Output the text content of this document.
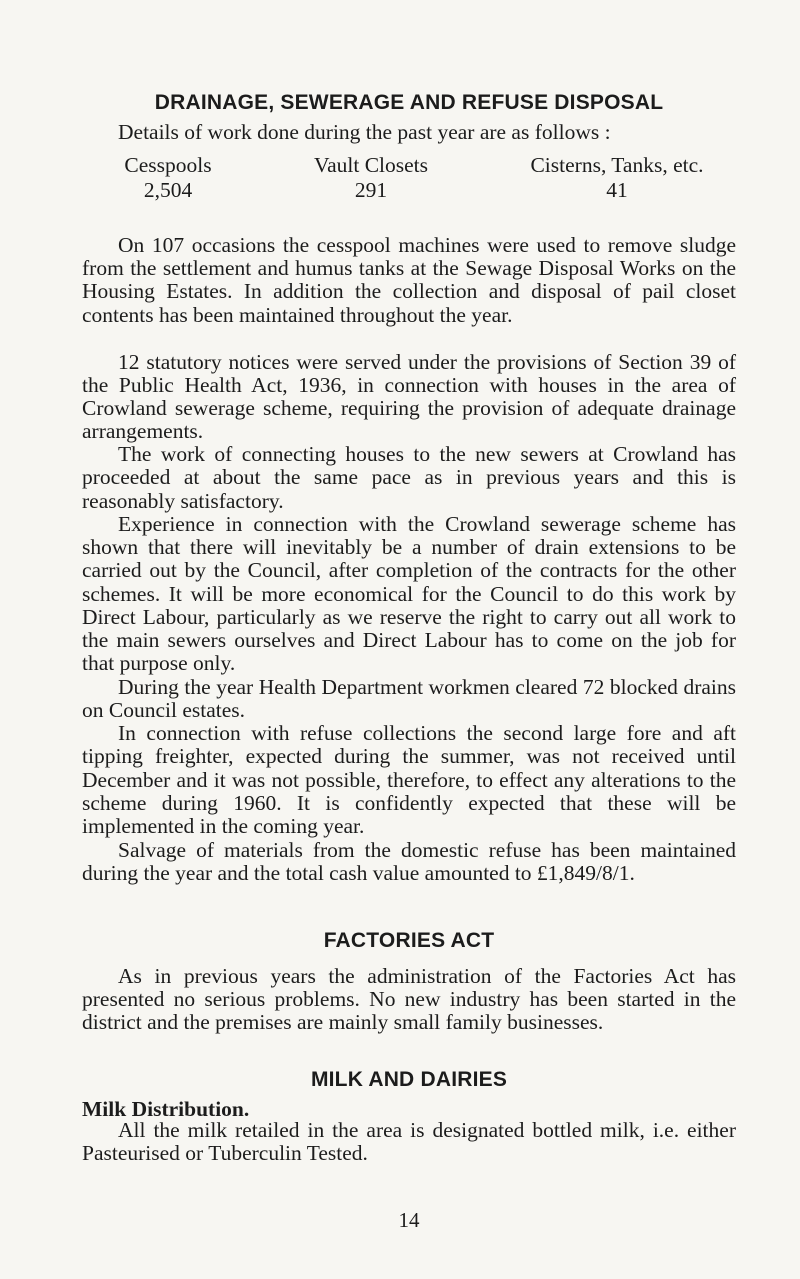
DRAINAGE, SEWERAGE AND REFUSE DISPOSAL

Details of work done during the past year are as follows :

Cesspools
2,504
Vault Closets
291
Cisterns, Tanks, etc.
41

On 107 occasions the cesspool machines were used to remove sludge from the settlement and humus tanks at the Sewage Disposal Works on the Housing Estates. In addition the collection and disposal of pail closet contents has been maintained throughout the year.

12 statutory notices were served under the provisions of Section 39 of the Public Health Act, 1936, in connection with houses in the area of Crowland sewerage scheme, requiring the provision of adequate drainage arrangements.

The work of connecting houses to the new sewers at Crowland has proceeded at about the same pace as in previous years and this is reasonably satisfactory.

Experience in connection with the Crowland sewerage scheme has shown that there will inevitably be a number of drain extensions to be carried out by the Council, after completion of the contracts for the other schemes. It will be more economical for the Council to do this work by Direct Labour, particularly as we reserve the right to carry out all work to the main sewers ourselves and Direct Labour has to come on the job for that purpose only.

During the year Health Department workmen cleared 72 blocked drains on Council estates.

In connection with refuse collections the second large fore and aft tipping freighter, expected during the summer, was not received until December and it was not possible, therefore, to effect any alterations to the scheme during 1960. It is confidently expected that these will be implemented in the coming year.

Salvage of materials from the domestic refuse has been maintained during the year and the total cash value amounted to £1,849/8/1.

FACTORIES ACT

As in previous years the administration of the Factories Act has presented no serious problems. No new industry has been started in the district and the premises are mainly small family businesses.

MILK AND DAIRIES
Milk Distribution.

All the milk retailed in the area is designated bottled milk, i.e. either Pasteurised or Tuberculin Tested.

14
